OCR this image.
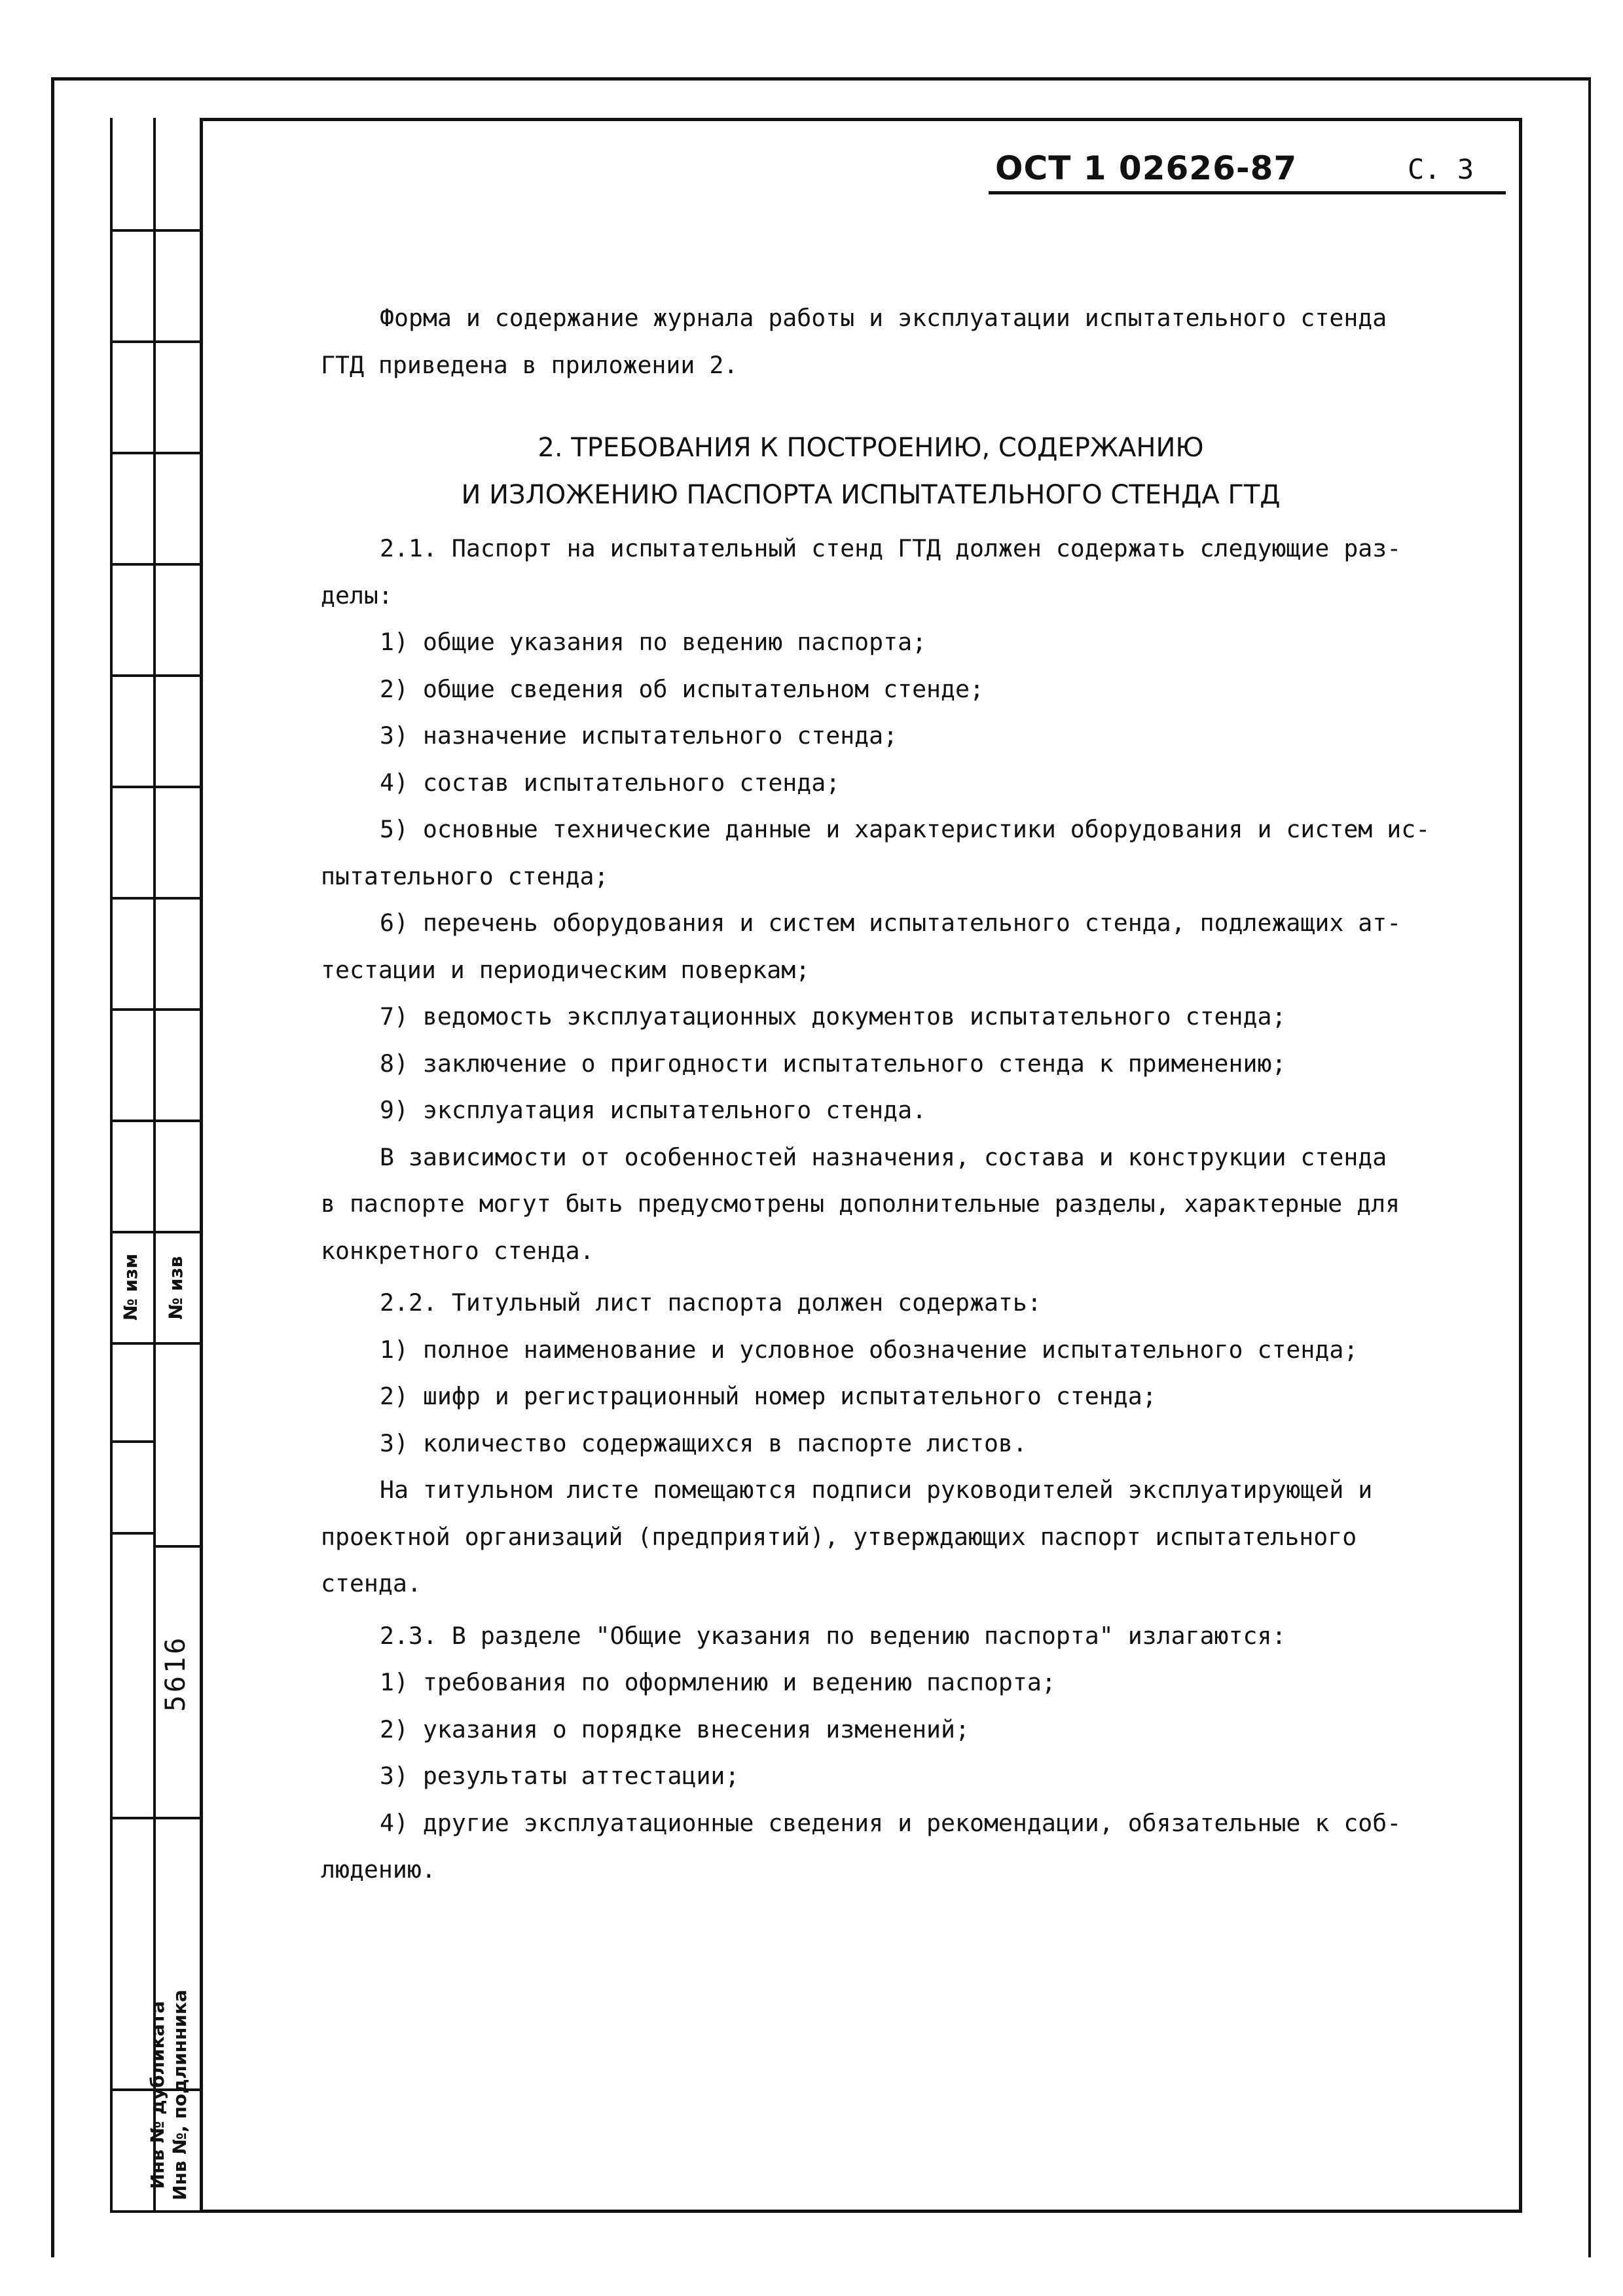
№ изм № изв
5616
Инв № дубликата Инв №, подлинника
ОСТ 1 02626-87	С. 3

Форма и содержание журнала работы и эксплуатации испытательного стенда

ГТД приведена в приложении 2.

2. ТРЕБОВАНИЯ К ПОСТРОЕНИЮ, СОДЕРЖАНИЮ

И ИЗЛОЖЕНИЮ ПАСПОРТА ИСПЫТАТЕЛЬНОГО СТЕНДА ГТД

2.1. Паспорт на испытательный стенд ГТД должен содержать следующие раз-

делы:

1) общие указания по ведению паспорта;

2) общие сведения об испытательном стенде;

3) назначение испытательного стенда;

4) состав испытательного стенда;

5) основные технические данные и характеристики оборудования и систем ис-

пытательного стенда;

6) перечень оборудования и систем испытательного стенда, подлежащих ат-

тестации и периодическим поверкам;

7) ведомость эксплуатационных документов испытательного стенда;

8) заключение о пригодности испытательного стенда к применению;

9) эксплуатация испытательного стенда.

В зависимости от особенностей назначения, состава и конструкции стенда

в паспорте могут быть предусмотрены дополнительные разделы, характерные для

конкретного стенда.

2.2. Титульный лист паспорта должен содержать:

1) полное наименование и условное обозначение испытательного стенда;

2) шифр и регистрационный номер испытательного стенда;

3) количество содержащихся в паспорте листов.

На титульном листе помещаются подписи руководителей эксплуатирующей и

проектной организаций (предприятий), утверждающих паспорт испытательного

стенда.

2.3. В разделе "Общие указания по ведению паспорта" излагаются:

1) требования по оформлению и ведению паспорта;

2) указания о порядке внесения изменений;

3) результаты аттестации;

4) другие эксплуатационные сведения и рекомендации, обязательные к соб-

людению.
